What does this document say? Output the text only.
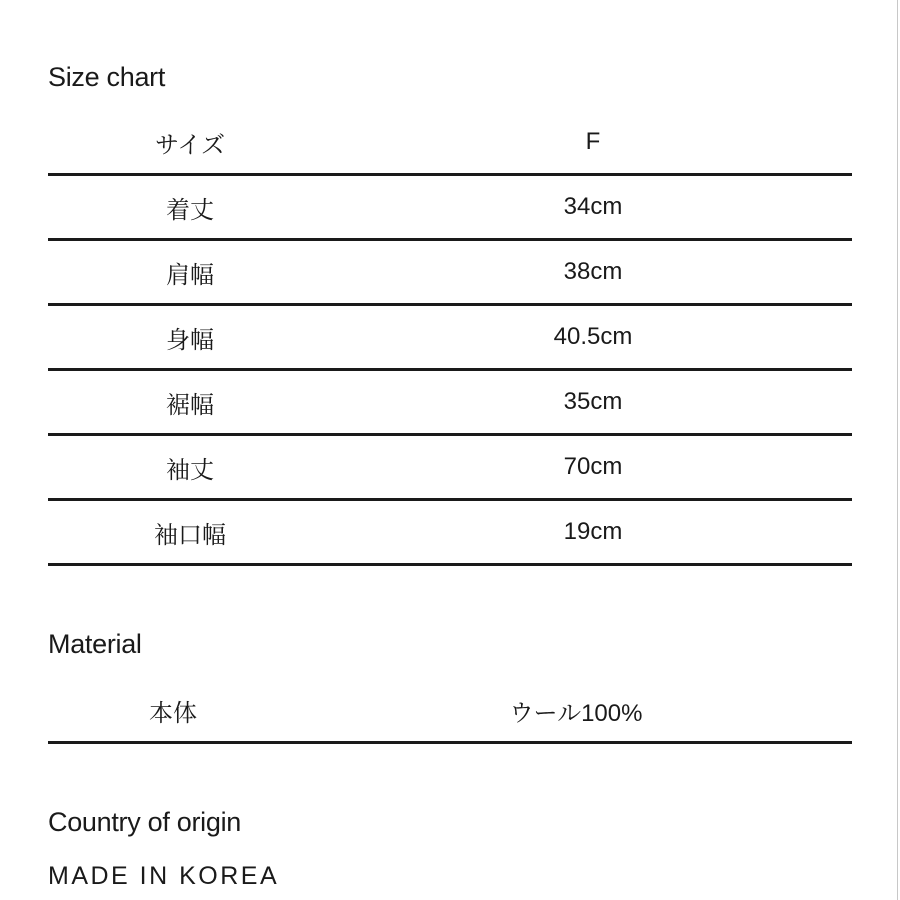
Size chart
サイズ	F
着丈	34cm
肩幅	38cm
身幅	40.5cm
裾幅	35cm
袖丈	70cm
袖口幅	19cm
Material
本体	ウール100%
Country of origin
MADE IN KOREA
